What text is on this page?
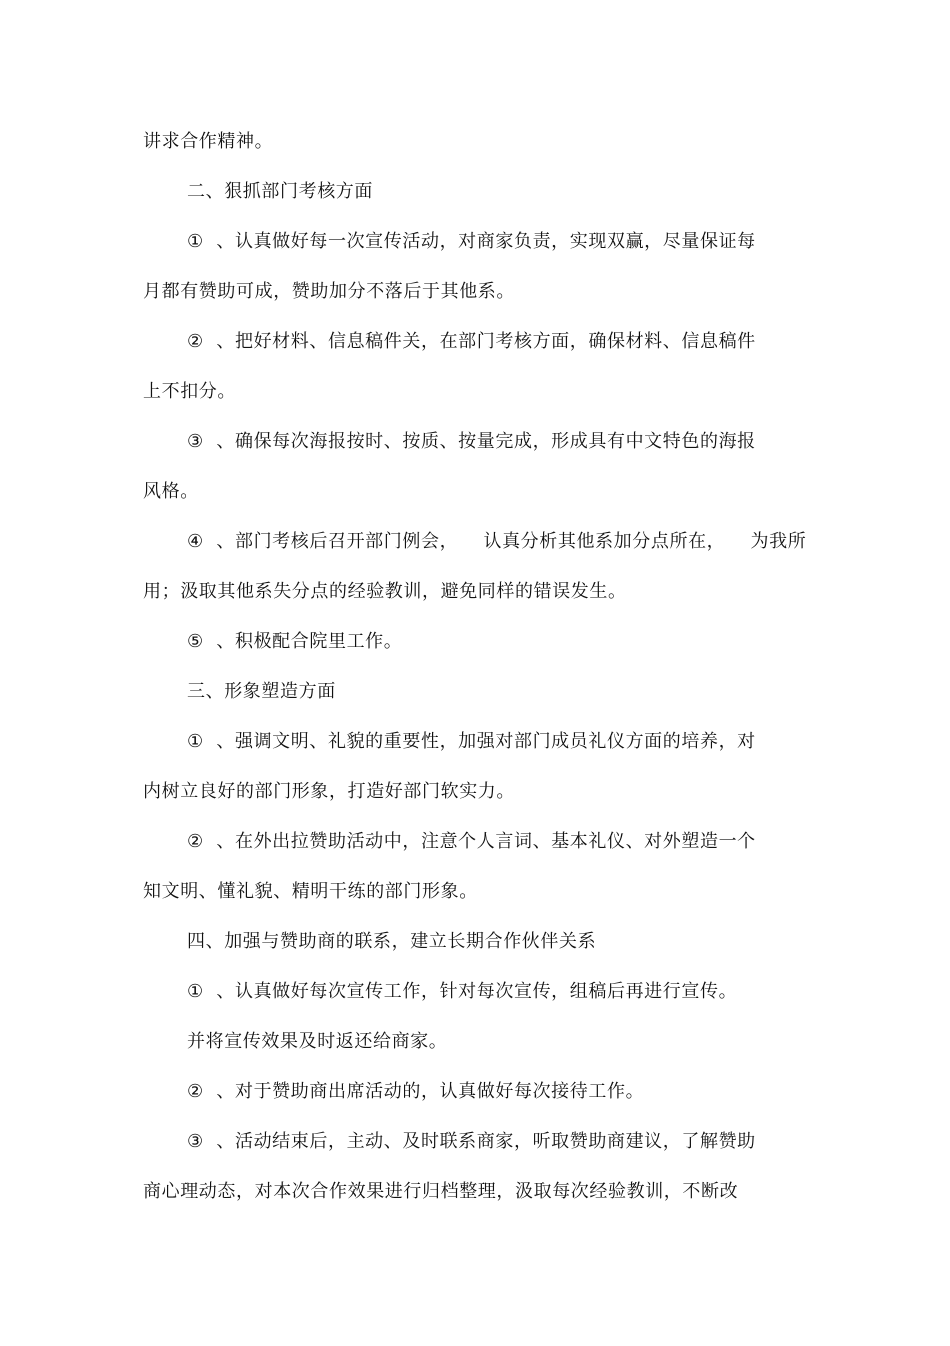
讲求合作精神。
二、狠抓部门考核方面
①  、认真做好每一次宣传活动，对商家负责，实现双赢，尽量保证每
月都有赞助可成，赞助加分不落后于其他系。
②  、把好材料、信息稿件关，在部门考核方面，确保材料、信息稿件
上不扣分。
③  、确保每次海报按时、按质、按量完成，形成具有中文特色的海报
风格。
④  、部门考核后召开部门例会，    认真分析其他系加分点所在，    为我所
用；汲取其他系失分点的经验教训，避免同样的错误发生。
⑤  、积极配合院里工作。
三、形象塑造方面
①  、强调文明、礼貌的重要性，加强对部门成员礼仪方面的培养，对
内树立良好的部门形象，打造好部门软实力。
②  、在外出拉赞助活动中，注意个人言词、基本礼仪、对外塑造一个
知文明、懂礼貌、精明干练的部门形象。
四、加强与赞助商的联系，建立长期合作伙伴关系
①  、认真做好每次宣传工作，针对每次宣传，组稿后再进行宣传。
并将宣传效果及时返还给商家。
②  、对于赞助商出席活动的，认真做好每次接待工作。
③  、活动结束后，主动、及时联系商家，听取赞助商建议，了解赞助
商心理动态，对本次合作效果进行归档整理，汲取每次经验教训，不断改
